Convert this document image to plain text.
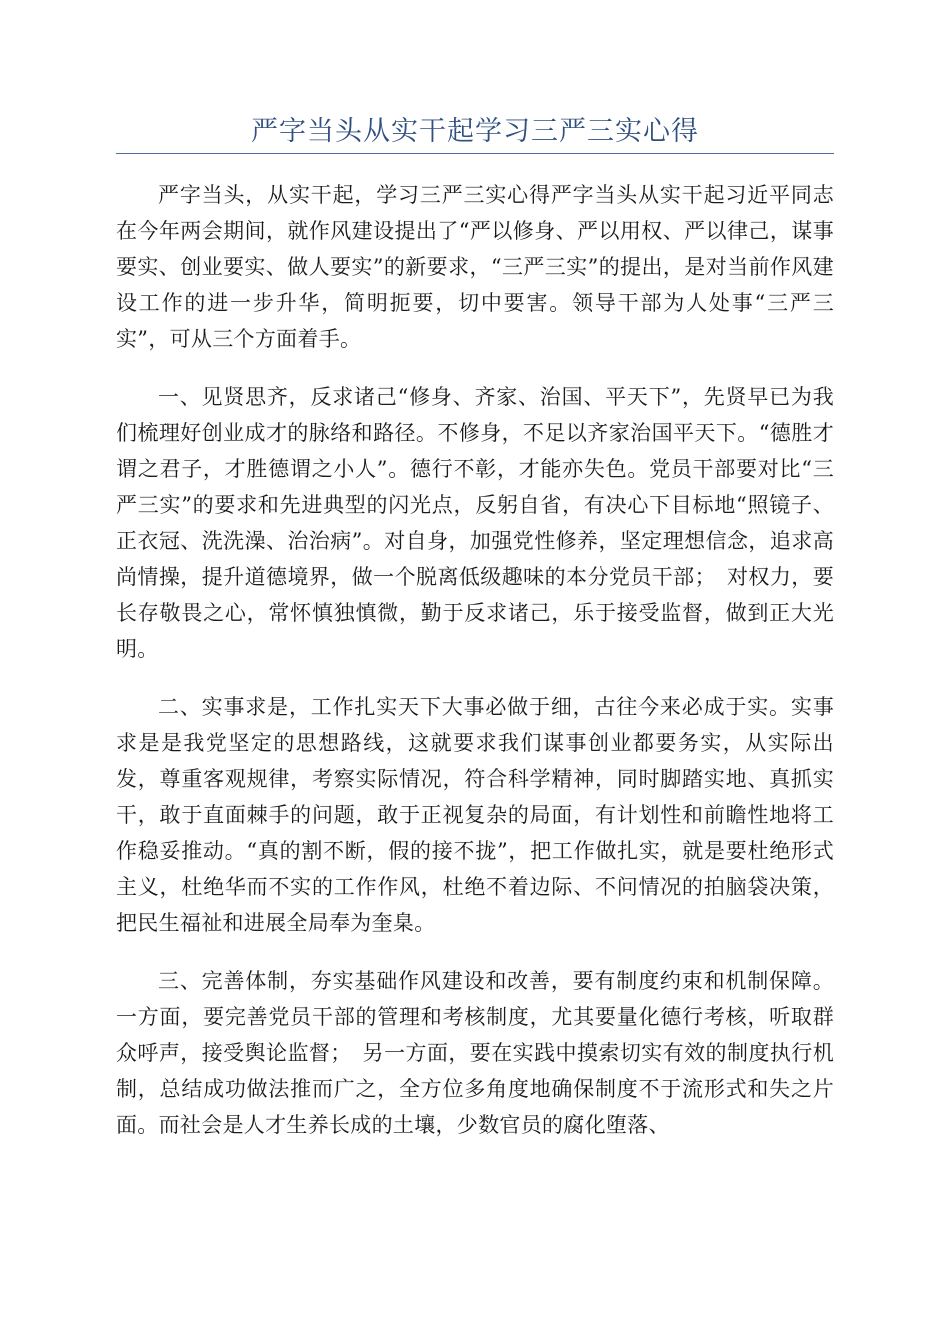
严字当头从实干起学习三严三实心得

严字当头，从实干起，学习三严三实心得严字当头从实干起习近平同志在今年两会期间，就作风建设提出了“严以修身、严以用权、严以律己，谋事要实、创业要实、做人要实”的新要求，“三严三实”的提出，是对当前作风建设工作的进一步升华，简明扼要，切中要害。领导干部为人处事“三严三实”，可从三个方面着手。

一、见贤思齐，反求诸己“修身、齐家、治国、平天下”，先贤早已为我们梳理好创业成才的脉络和路径。不修身，不足以齐家治国平天下。“德胜才谓之君子，才胜德谓之小人”。德行不彰，才能亦失色。党员干部要对比“三严三实”的要求和先进典型的闪光点，反躬自省，有决心下目标地“照镜子、正衣冠、洗洗澡、治治病”。对自身，加强党性修养，坚定理想信念，追求高尚情操，提升道德境界，做一个脱离低级趣味的本分党员干部；　对权力，要长存敬畏之心，常怀慎独慎微，勤于反求诸己，乐于接受监督，做到正大光明。

二、实事求是，工作扎实天下大事必做于细，古往今来必成于实。实事求是是我党坚定的思想路线，这就要求我们谋事创业都要务实，从实际出发，尊重客观规律，考察实际情况，符合科学精神，同时脚踏实地、真抓实干，敢于直面棘手的问题，敢于正视复杂的局面，有计划性和前瞻性地将工作稳妥推动。“真的割不断，假的接不拢”，把工作做扎实，就是要杜绝形式主义，杜绝华而不实的工作作风，杜绝不着边际、不问情况的拍脑袋决策，把民生福祉和进展全局奉为奎臬。

三、完善体制，夯实基础作风建设和改善，要有制度约束和机制保障。一方面，要完善党员干部的管理和考核制度，尤其要量化德行考核，听取群众呼声，接受舆论监督；　另一方面，要在实践中摸索切实有效的制度执行机制，总结成功做法推而广之，全方位多角度地确保制度不于流形式和失之片面。而社会是人才生养长成的土壤，少数官员的腐化堕落、
